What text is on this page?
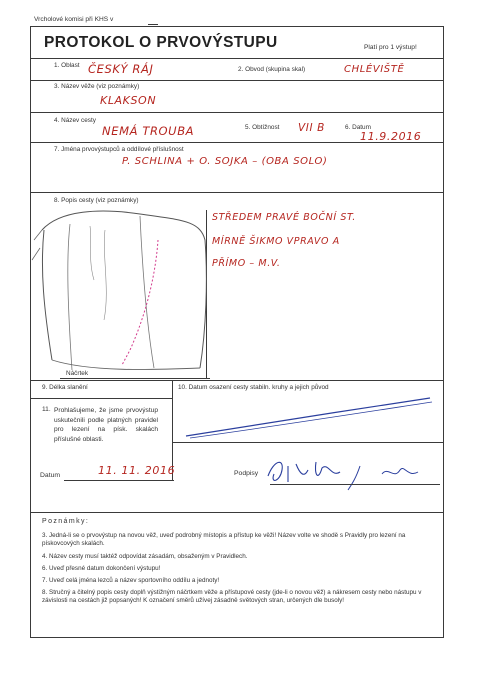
Vrcholové komisi při KHS v
PROTOKOL O PRVOVÝSTUPU	Platí pro 1 výstup!
1. Oblast ČESKÝ RÁJ	2. Obvod (skupina skal)	CHLÉVIŠTĚ
3. Název věže (viz poznámky)
KLAKSON
4. Název cesty
NEMÁ TROUBA	5. Obtížnost VII B	6. Datum
11.9.2016
7. Jména prvovýstupců a oddílové příslušnost
P. SCHLINA + O. SOJKA – (OBA SOLO)
8. Popis cesty (viz poznámky)
Náčrtek
STŘEDEM PRAVÉ BOČNÍ ST.
MÍRNĚ ŠIKMO VPRAVO A
PŘÍMO – M.V.
9. Délka slanění	10. Datum osazení cesty stabiln. kruhy a jejich původ
11. Prohlašujeme, že jsme prvovýstup uskutečnili podle platných pravidel pro lezení na písk. skalách příslušné oblasti.
Datum	11. 11. 2016	Podpisy
Poznámky:
3. Jedná-li se o prvovýstup na novou věž, uveď podrobný místopis a přístup ke věži! Název volte ve shodě s Pravidly pro lezení na pískovcových skalách.
4. Název cesty musí taktéž odpovídat zásadám, obsaženým v Pravidlech.
6. Uveď přesné datum dokončení výstupu!
7. Uveď celá jména lezců a název sportovního oddílu a jednoty!
8. Stručný a čitelný popis cesty doplň výstižným náčrtkem věže a přístupové cesty (jde-li o novou věž) a nákresem cesty nebo nástupu v závislosti na cestách již popsaných! K označení směrů užívej zásadně světových stran, určených dle busoly!
